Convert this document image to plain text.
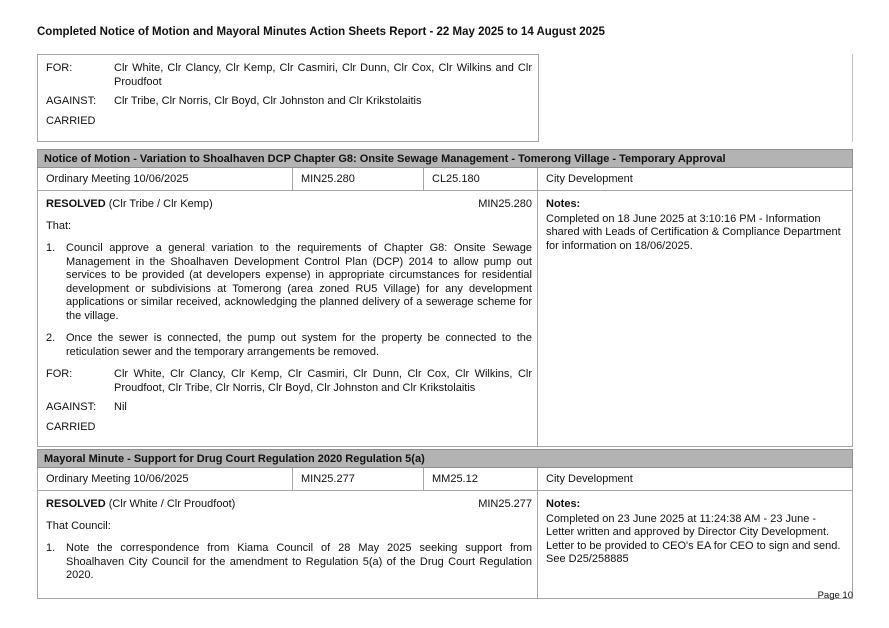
Completed Notice of Motion and Mayoral Minutes Action Sheets Report - 22 May 2025 to 14 August 2025
FOR:	Clr White, Clr Clancy, Clr Kemp, Clr Casmiri, Clr Dunn, Clr Cox, Clr Wilkins and Clr Proudfoot
AGAINST: Clr Tribe, Clr Norris, Clr Boyd, Clr Johnston and Clr Krikstolaitis
CARRIED
Notice of Motion - Variation to Shoalhaven DCP Chapter G8: Onsite Sewage Management - Tomerong Village - Temporary Approval
Ordinary Meeting 10/06/2025	MIN25.280	CL25.180	City Development
RESOLVED (Clr Tribe / Clr Kemp)	MIN25.280
That:
1. Council approve a general variation to the requirements of Chapter G8: Onsite Sewage Management in the Shoalhaven Development Control Plan (DCP) 2014 to allow pump out services to be provided (at developers expense) in appropriate circumstances for residential development or subdivisions at Tomerong (area zoned RU5 Village) for any development applications or similar received, acknowledging the planned delivery of a sewerage scheme for the village.
2. Once the sewer is connected, the pump out system for the property be connected to the reticulation sewer and the temporary arrangements be removed.
FOR:	Clr White, Clr Clancy, Clr Kemp, Clr Casmiri, Clr Dunn, Clr Cox, Clr Wilkins, Clr Proudfoot, Clr Tribe, Clr Norris, Clr Boyd, Clr Johnston and Clr Krikstolaitis
AGAINST: Nil
CARRIED
Notes:
Completed on 18 June 2025 at 3:10:16 PM - Information shared with Leads of Certification & Compliance Department for information on 18/06/2025.
Mayoral Minute - Support for Drug Court Regulation 2020 Regulation 5(a)
Ordinary Meeting 10/06/2025	MIN25.277	MM25.12	City Development
RESOLVED (Clr White / Clr Proudfoot)	MIN25.277
That Council:
1. Note the correspondence from Kiama Council of 28 May 2025 seeking support from Shoalhaven City Council for the amendment to Regulation 5(a) of the Drug Court Regulation 2020.
Notes:
Completed on 23 June 2025 at 11:24:38 AM - 23 June - Letter written and approved by Director City Development. Letter to be provided to CEO's EA for CEO to sign and send. See D25/258885
Page 10
